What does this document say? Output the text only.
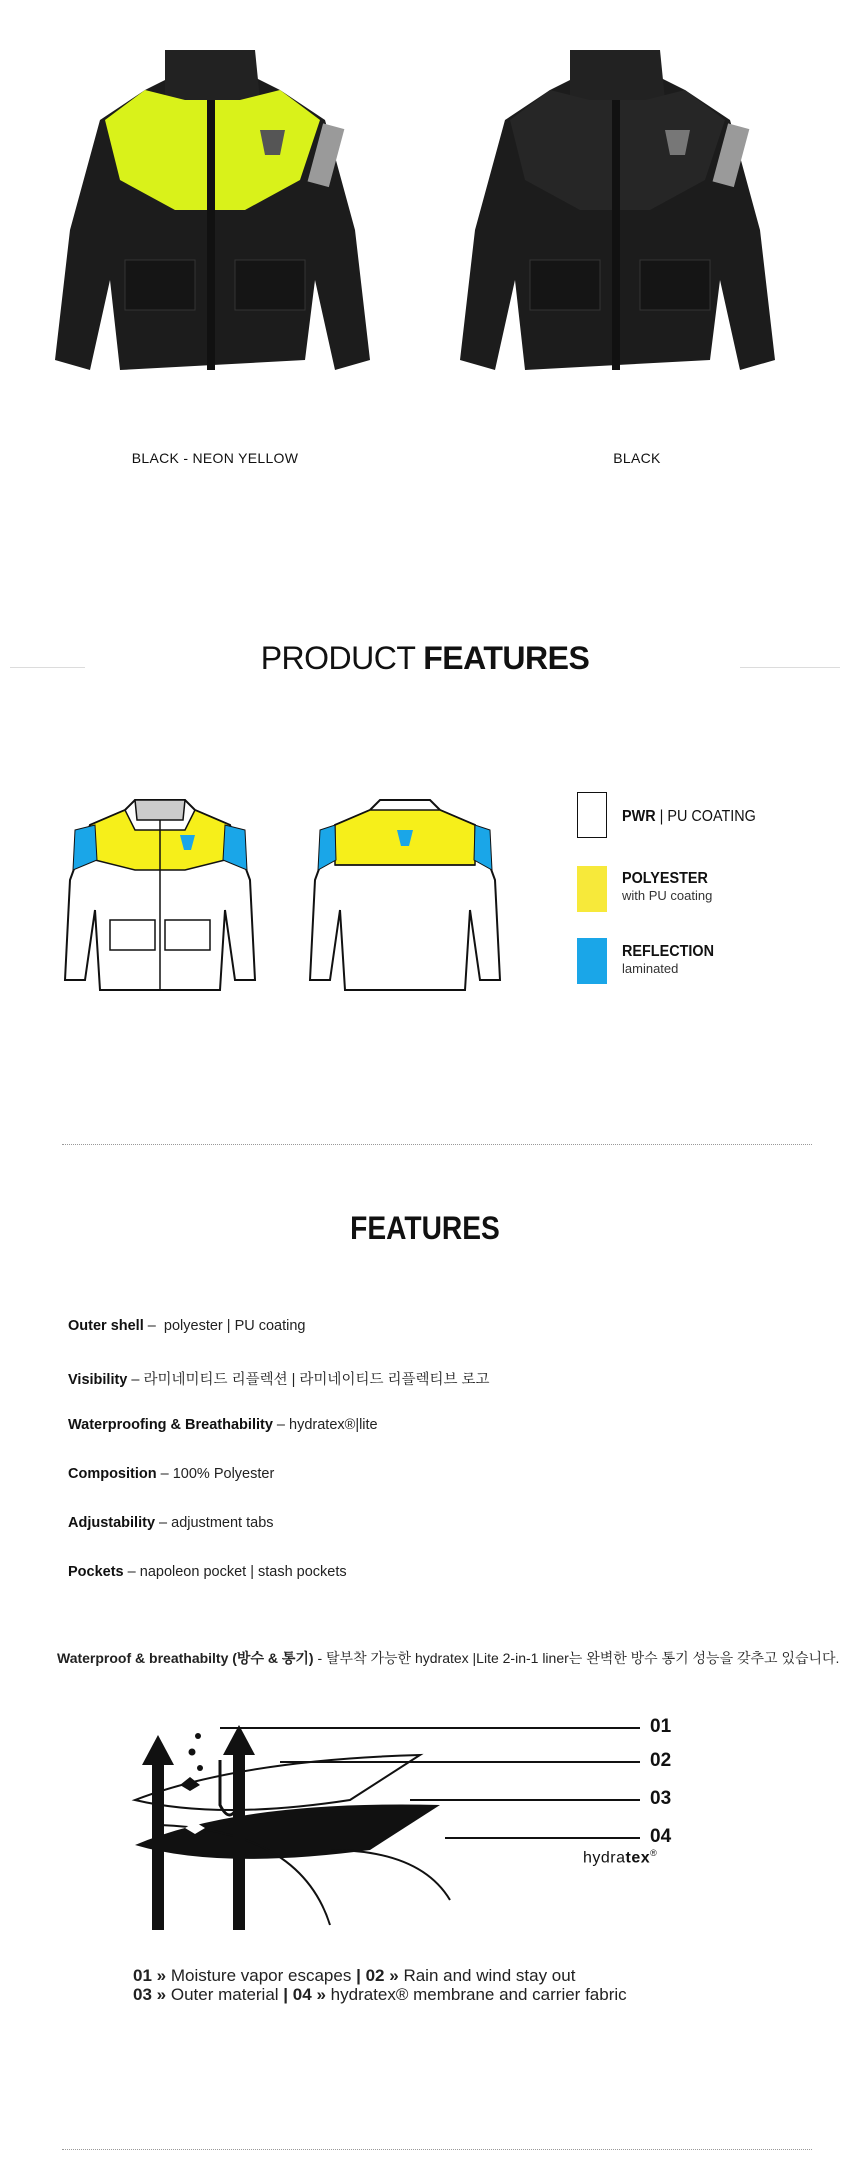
BLACK - NEON YELLOW	BLACK
PRODUCT FEATURES
PWR | PU COATING
POLYESTER
with PU coating
REFLECTION
laminated
FEATURES
Outer shell –  polyester | PU coating
Visibility – 라미네미티드 리플렉션 | 라미네이티드 리플렉티브 로고
Waterproofing & Breathability – hydratex®|lite
Composition – 100% Polyester
Adjustability – adjustment tabs
Pockets – napoleon pocket | stash pockets
Waterproof & breathabilty (방수 & 통기) - 탈부착 가능한 hydratex |Lite 2-in-1 liner는 완벽한 방수 통기 성능을 갖추고 있습니다.
01
02
03
04
hydratex®
01 » Moisture vapor escapes | 02 » Rain and wind stay out
03 » Outer material | 04 » hydratex® membrane and carrier fabric
